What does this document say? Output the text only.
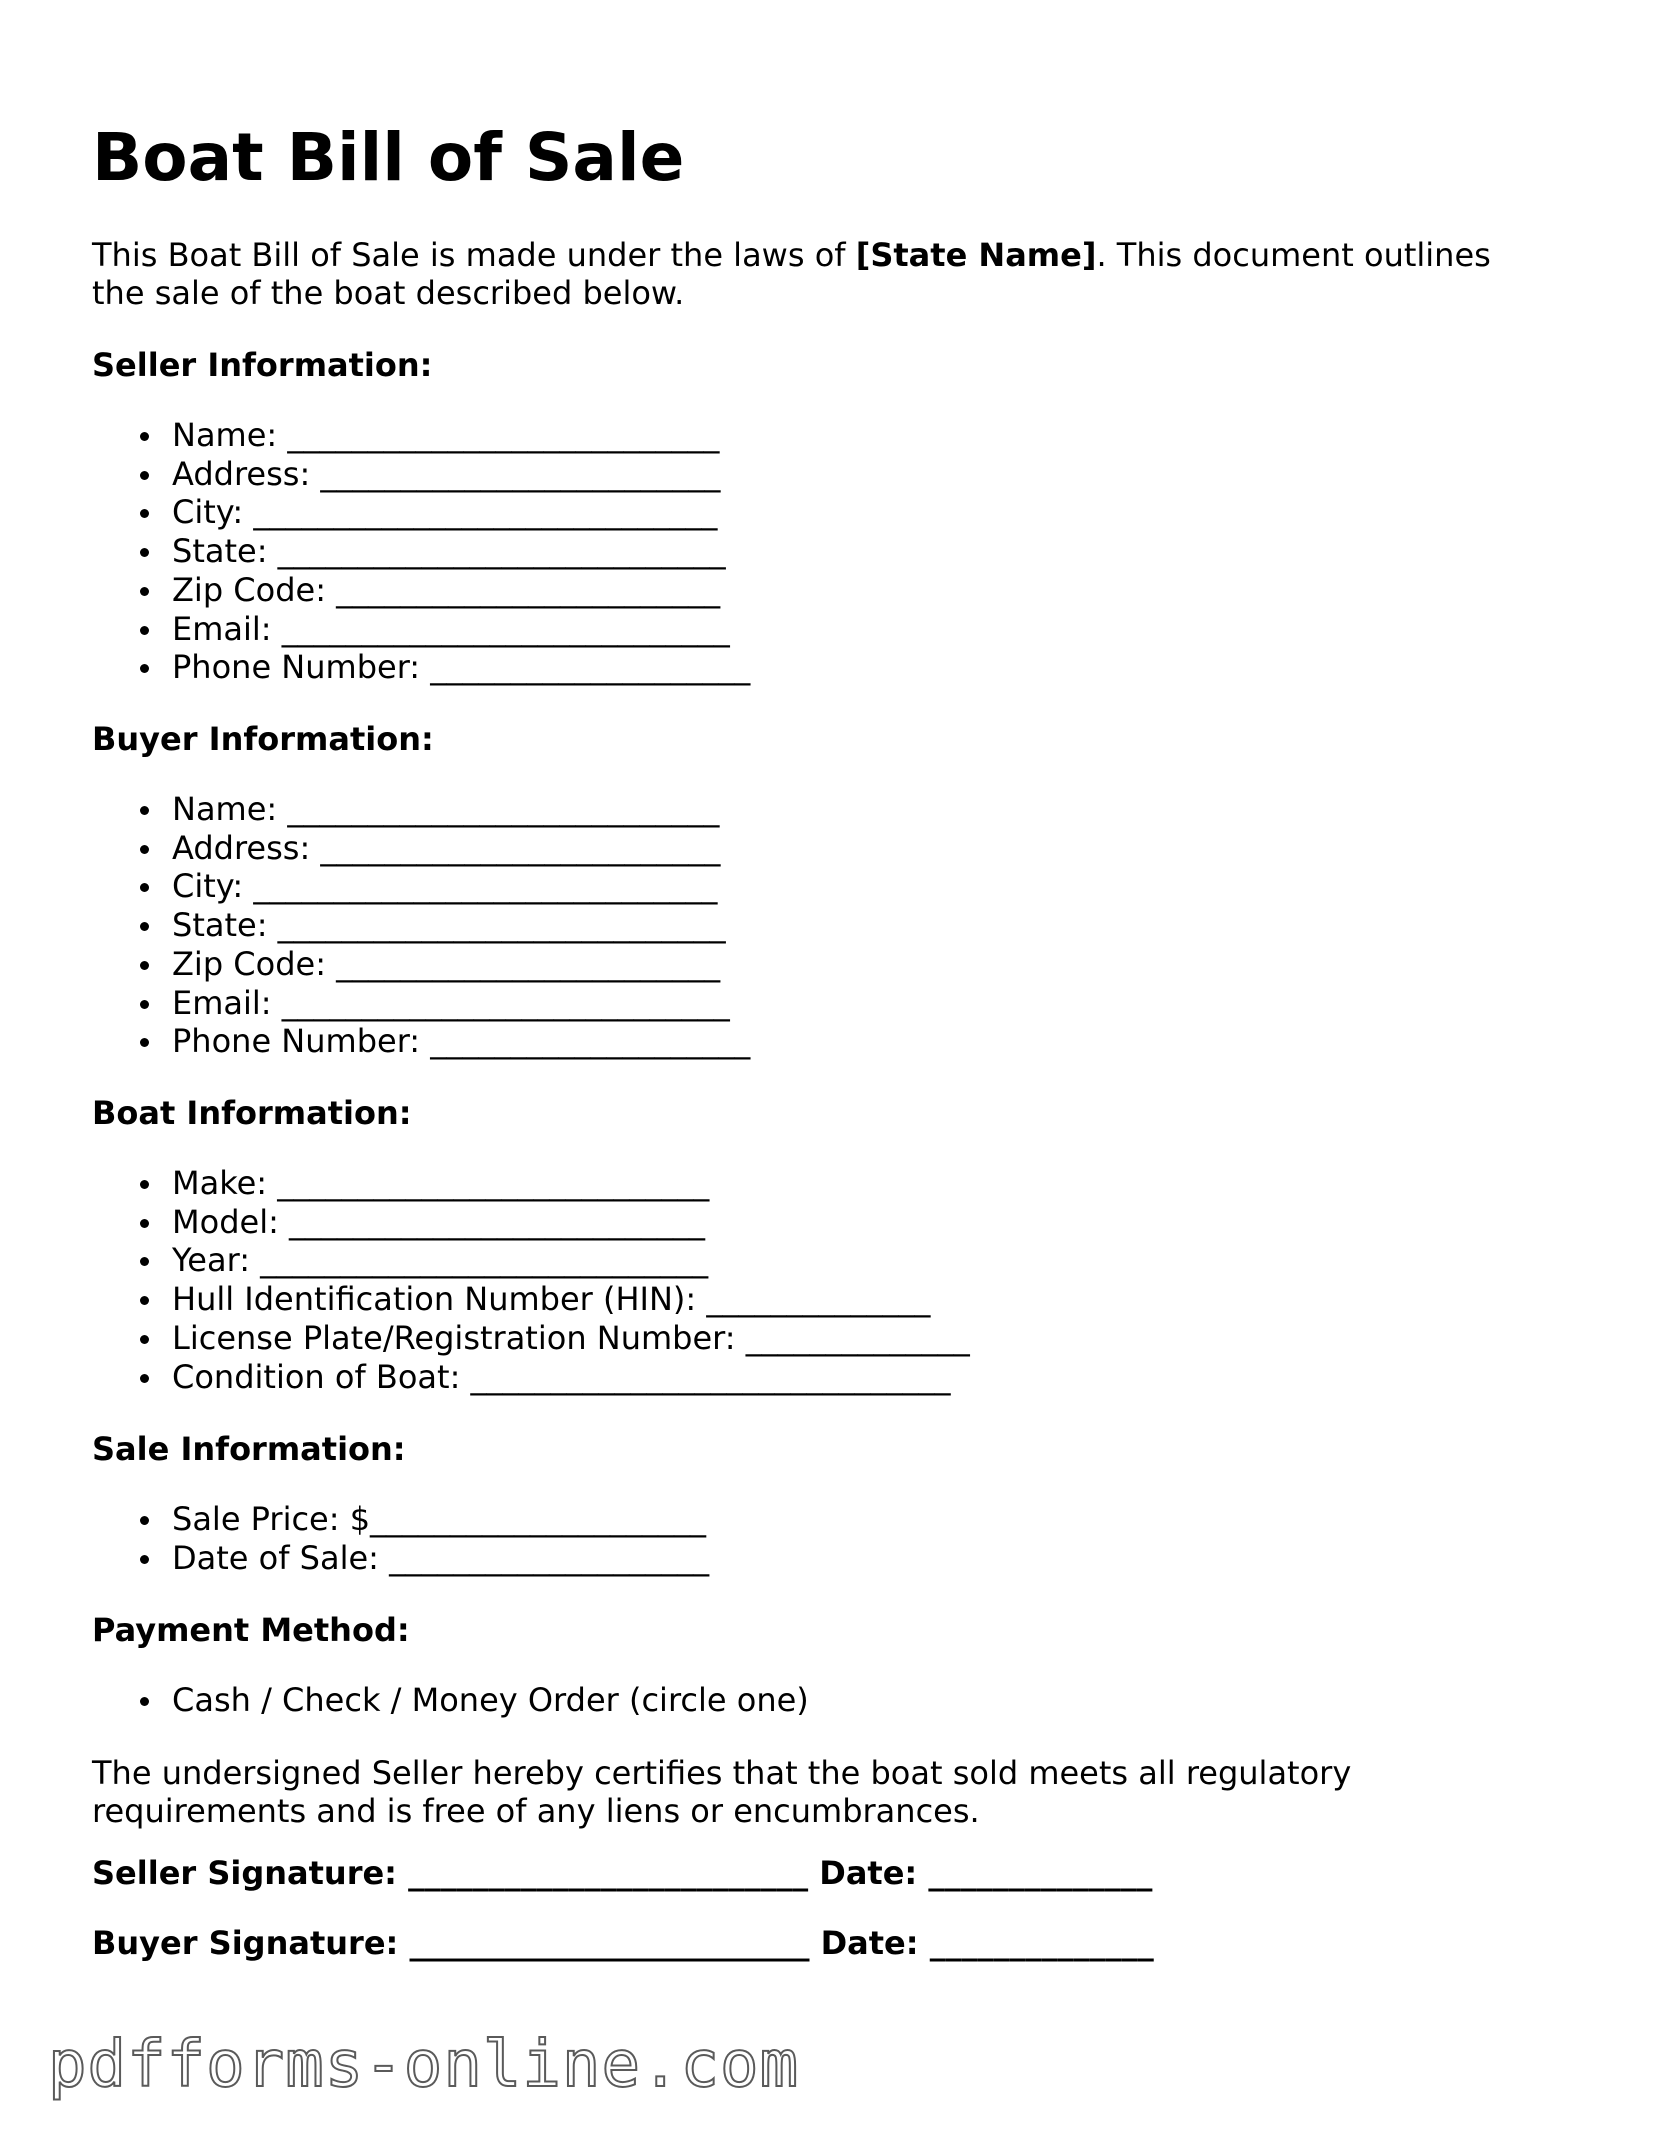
Boat Bill of Sale

This Boat Bill of Sale is made under the laws of [State Name]. This document outlines the sale of the boat described below.

Seller Information:
Name: ___________________________
Address: _________________________
City: _____________________________
State: ____________________________
Zip Code: ________________________
Email: ____________________________
Phone Number: ____________________
Buyer Information:
Name: ___________________________
Address: _________________________
City: _____________________________
State: ____________________________
Zip Code: ________________________
Email: ____________________________
Phone Number: ____________________
Boat Information:
Make: ___________________________
Model: __________________________
Year: ____________________________
Hull Identification Number (HIN): ______________
License Plate/Registration Number: ______________
Condition of Boat: ______________________________
Sale Information:
Sale Price: $_____________________
Date of Sale: ____________________
Payment Method:
Cash / Check / Money Order (circle one)

The undersigned Seller hereby certifies that the boat sold meets all regulatory requirements and is free of any liens or encumbrances.

Seller Signature: _________________________ Date: ______________

Buyer Signature: _________________________ Date: ______________

pdfforms-online.com
